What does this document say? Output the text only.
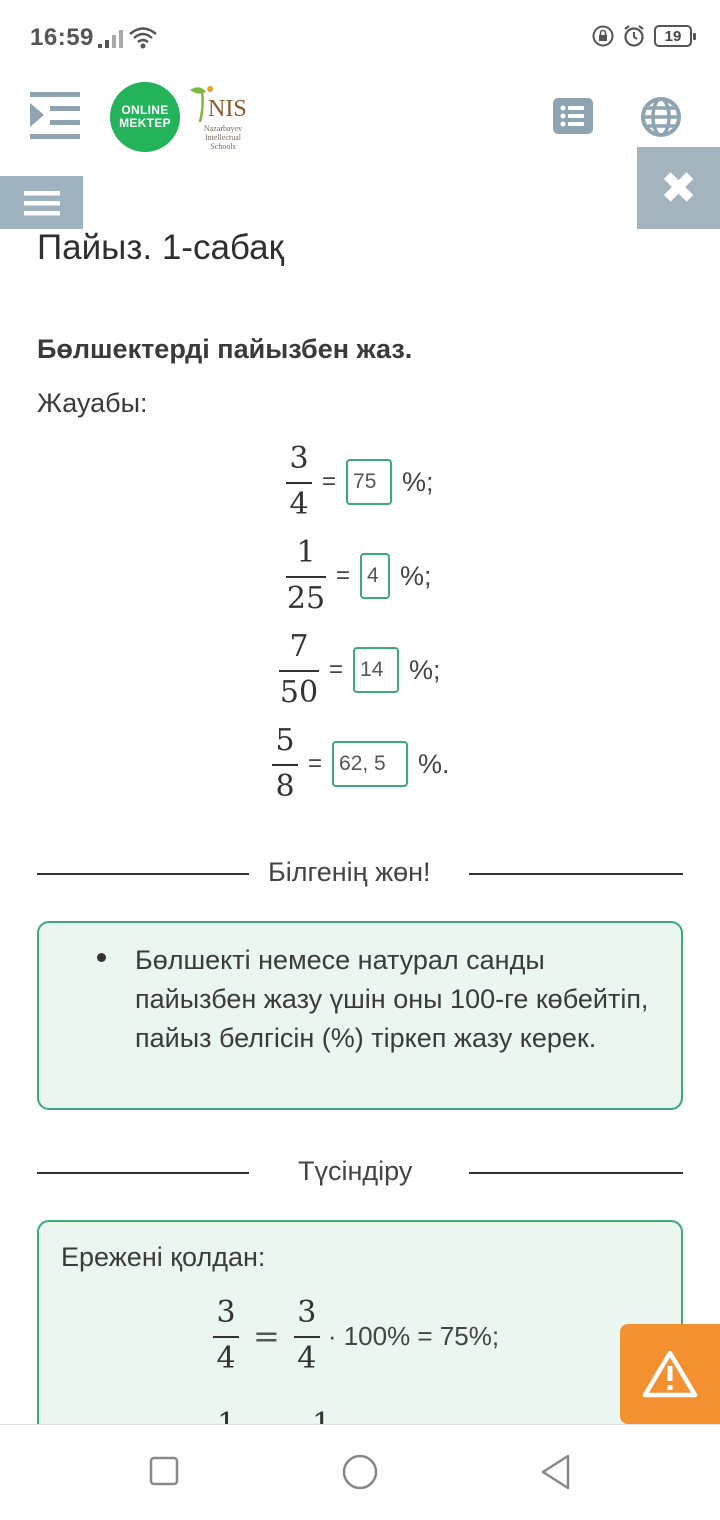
16:59	19
ONLINE
MEKTEP
NIS
Nazarbayev Intellectual Schools
✖
Пайыз. 1-сабақ
Бөлшектерді пайызбен жаз.
Жауабы:
$\frac{3}{4} = 75$ %;
$\frac{1}{25} = 4$ %;
$\frac{7}{50} = 14$ %;
$\frac{5}{8} = 62$, 5	%.
Білгенің жөн!
Бөлшекті немесе натурал санды пайызбен жазу үшін оны 100-ге көбейтіп, пайыз белгісін (%) тіркеп жазу керек.
Түсіндіру
Ережені қолдан:
$\frac{3}{4} = \frac{3}{4} \cdot 100\% = 75\%$;
